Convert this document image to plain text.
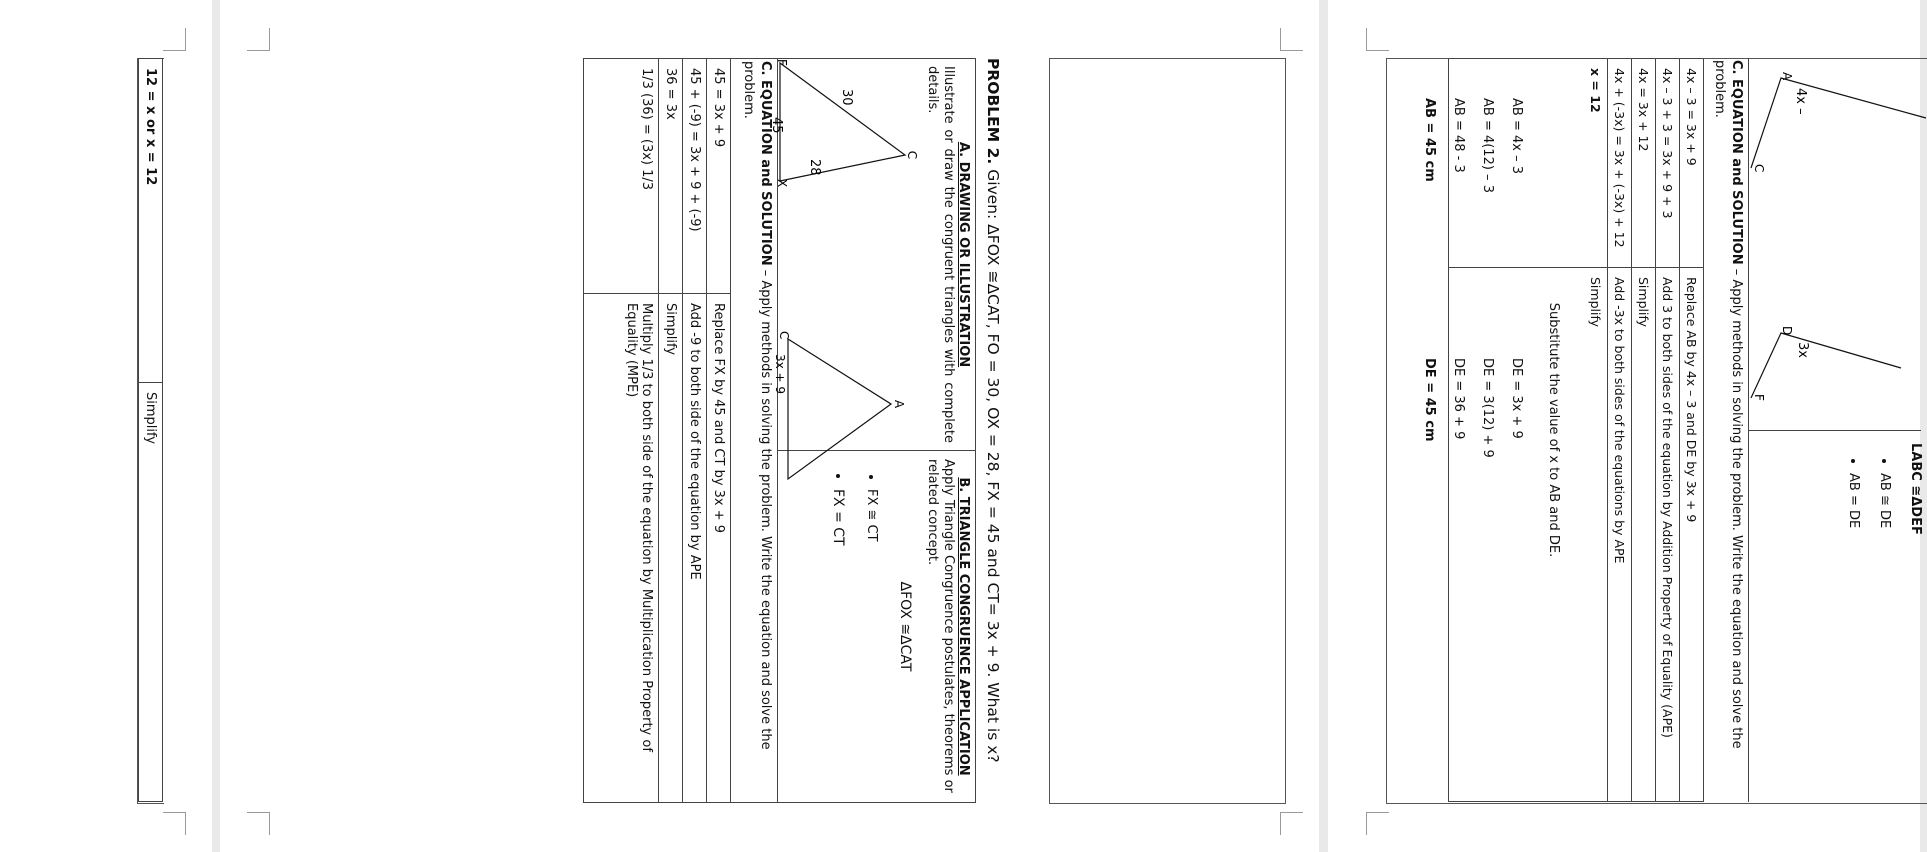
12 = x or x = 12	Simplify
PROBLEM 2. Given: ΔFOX ≅ΔCAT, FO = 30, OX = 28, FX = 45 and CT= 3x + 9. What is x?
A. DRAWING OR ILLUSTRATION
Illustrate or draw the congruent triangles with complete details.
C
F
X
30
28
45
A
C
3x + 9
B. TRIANGLE CONGRUENCE APPLICATION
Apply Triangle Congruence postulates, theorems or related concept.
ΔFOX ≅ΔCAT
• FX ≅ CT
• FX = CT
C. EQUATION and SOLUTION – Apply methods in solving the problem. Write the equation and solve the problem.
45 = 3x + 9	Replace FX by 45 and CT by 3x + 9
45 + (-9) = 3x + 9 + (-9)	Add -9 to both side of the equation by APE
36 = 3x	Simplify
1/3 (36) = (3x) 1/3	Multiply 1/3 to both side of the equation by Multiplication Property of Equality (MPE)
A
C
D
F
4x –
3x
LABC ≅ΔDEF
• AB ≅ DE
• AB = DE
C. EQUATION and SOLUTION – Apply methods in solving the problem. Write the equation and solve the problem.
4x – 3 = 3x + 9	Replace AB by 4x – 3 and DE by 3x + 9
4x – 3 + 3 = 3x + 9 + 3	Add 3 to both sides of the equation by Addition Property of Equality (APE)
4x = 3x + 12	Simplify
4x + (-3x) = 3x + (-3x) + 12	Add -3x to both sides of the equations by APE
x = 12	Simplify
Substitute the value of x to AB and DE.
AB = 4x – 3
AB = 4(12) – 3
AB = 48 - 3
AB = 45 cm
DE = 3x + 9
DE = 3(12) + 9
DE = 36 + 9
DE = 45 cm
